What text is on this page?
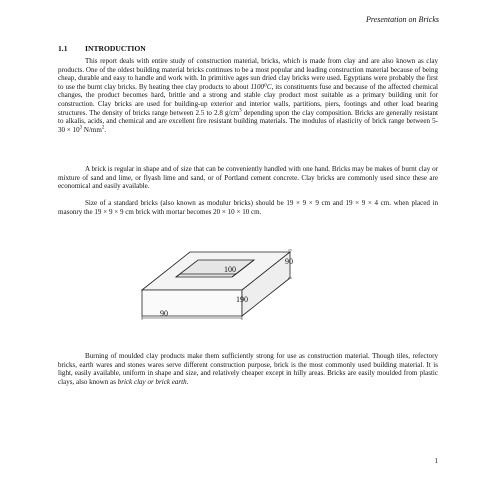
Presentation on Bricks
1.1 INTRODUCTION

This report deals with entire study of construction material, bricks, which is made from clay and are also known as clay products. One of the oldest building material bricks continues to be a most popular and leading construction material because of being cheap, durable and easy to handle and work with. In primitive ages sun dried clay bricks were used. Egyptians were probably the first to use the burnt clay bricks. By heating thee clay products to about 1100⁰C, its constituents fuse and because of the affected chemical changes, the product becomes hard, brittle and a strong and stable clay product most suitable as a primary building unit for construction. Clay bricks are used for building-up exterior and interior walls, partitions, piers, footings and other load bearing structures. The density of bricks range between 2.5 to 2.8 $g/cm^3$ depending upon the clay composition. Bricks are generally resistant to alkalis, acids, and chemical and are excellent fire resistant building materials. The modulus of elasticity of brick range between $5-30 \times 10^3$ $N/mm^2$.

A brick is regular in shape and of size that can be conveniently handled with one hand. Bricks may be makes of burnt clay or mixture of sand and lime, or flyash lime and sand, or of Portland cement concrete. Clay bricks are commonly used since these are economical and easily available.

Size of a standard bricks (also known as modulur bricks) should be 19 × 9 × 9 cm and 19 × 9 × 4 cm. when placed in masonry the 19 × 9 × 9 cm brick with mortar becomes 20 × 10 × 10 cm.

100
90
190
90

Burning of moulded clay products make them sufficiently strong for use as construction material. Though tiles, refectory bricks, earth wares and stones wares serve different construction purpose, brick is the most commonly used building material. It is light, easily available, uniform in shape and size, and relatively cheaper except in hilly areas. Bricks are easily moulded from plastic clays, also known as brick clay or brick earth.

1
